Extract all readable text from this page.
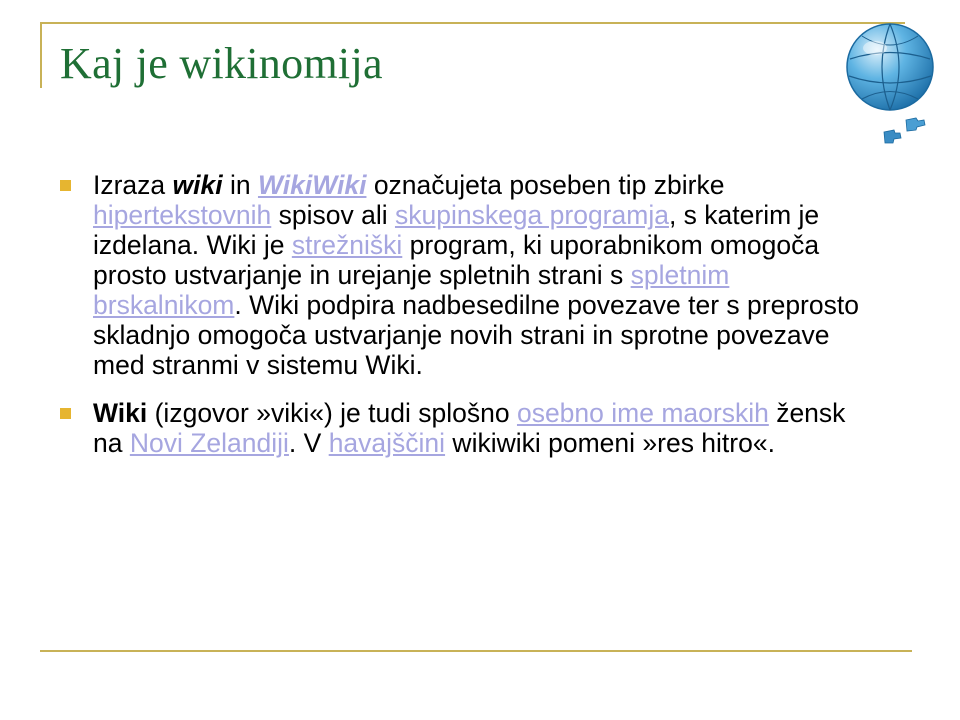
Kaj je wikinomija
Izraza wiki in WikiWiki označujeta poseben tip zbirke hipertekstovnih spisov ali skupinskega programja, s katerim je izdelana. Wiki je strežniški program, ki uporabnikom omogoča prosto ustvarjanje in urejanje spletnih strani s spletnim brskalnikom. Wiki podpira nadbesedilne povezave ter s preprosto skladnjo omogoča ustvarjanje novih strani in sprotne povezave med stranmi v sistemu Wiki.
Wiki (izgovor »viki«) je tudi splošno osebno ime maorskih žensk na Novi Zelandiji. V havajščini wikiwiki pomeni »res hitro«.
